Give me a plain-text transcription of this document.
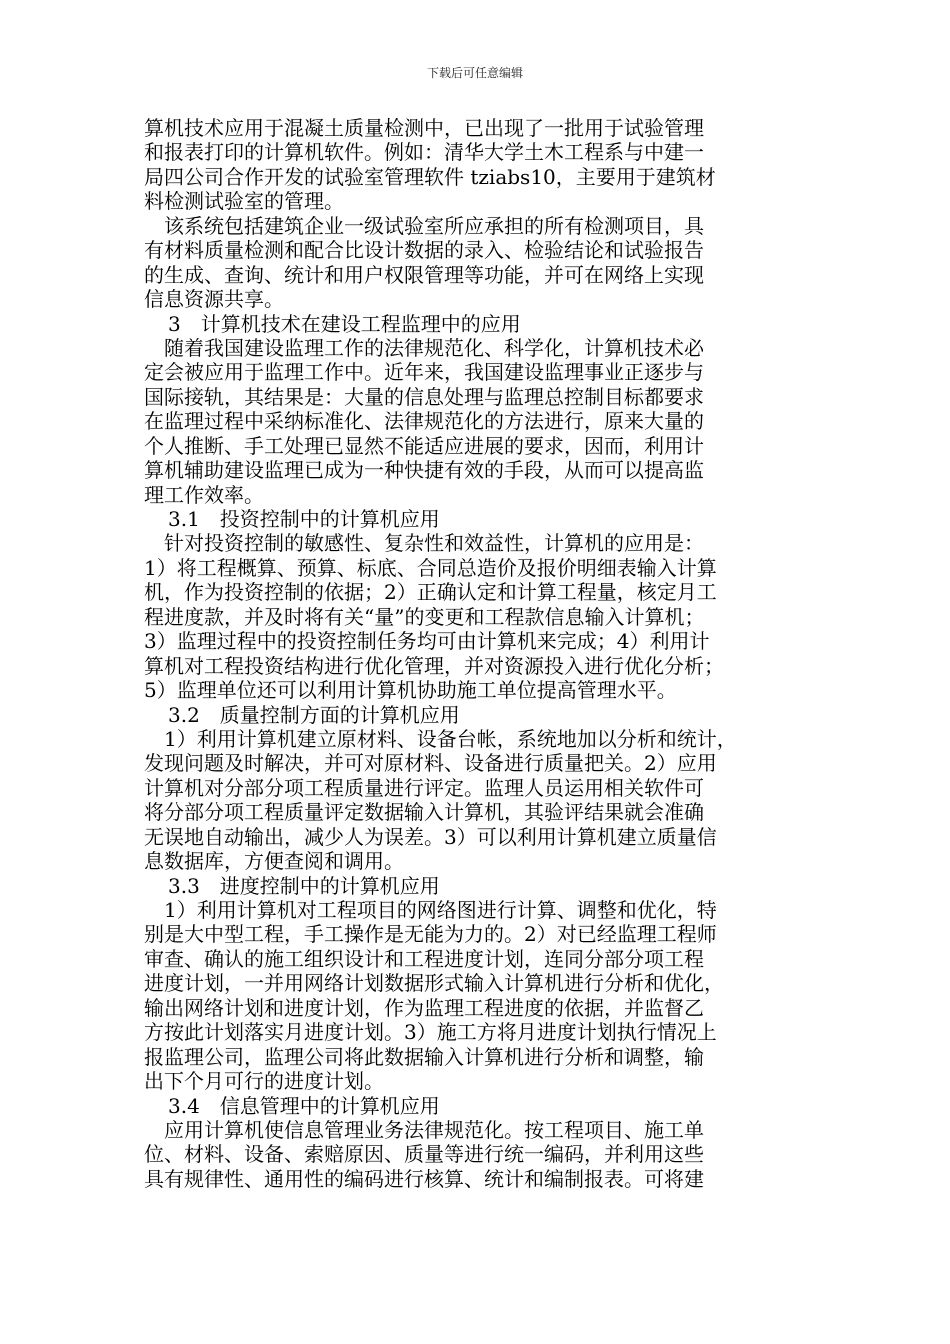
下载后可任意编辑
算机技术应用于混凝土质量检测中，已出现了一批用于试验管理
和报表打印的计算机软件。例如：清华大学土木工程系与中建一
局四公司合作开发的试验室管理软件 tziabs10，主要用于建筑材
料检测试验室的管理。
该系统包括建筑企业一级试验室所应承担的所有检测项目，具
有材料质量检测和配合比设计数据的录入、检验结论和试验报告
的生成、查询、统计和用户权限管理等功能，并可在网络上实现
信息资源共享。
3　计算机技术在建设工程监理中的应用
随着我国建设监理工作的法律规范化、科学化，计算机技术必
定会被应用于监理工作中。近年来，我国建设监理事业正逐步与
国际接轨，其结果是：大量的信息处理与监理总控制目标都要求
在监理过程中采纳标准化、法律规范化的方法进行，原来大量的
个人推断、手工处理已显然不能适应进展的要求，因而，利用计
算机辅助建设监理已成为一种快捷有效的手段，从而可以提高监
理工作效率。
3.1　投资控制中的计算机应用
针对投资控制的敏感性、复杂性和效益性，计算机的应用是：
1）将工程概算、预算、标底、合同总造价及报价明细表输入计算
机，作为投资控制的依据；2）正确认定和计算工程量，核定月工
程进度款，并及时将有关“量”的变更和工程款信息输入计算机；
3）监理过程中的投资控制任务均可由计算机来完成；4）利用计
算机对工程投资结构进行优化管理，并对资源投入进行优化分析；
5）监理单位还可以利用计算机协助施工单位提高管理水平。
3.2　质量控制方面的计算机应用
1）利用计算机建立原材料、设备台帐，系统地加以分析和统计，
发现问题及时解决，并可对原材料、设备进行质量把关。2）应用
计算机对分部分项工程质量进行评定。监理人员运用相关软件可
将分部分项工程质量评定数据输入计算机，其验评结果就会准确
无误地自动输出，减少人为误差。3）可以利用计算机建立质量信
息数据库，方便查阅和调用。
3.3　进度控制中的计算机应用
1）利用计算机对工程项目的网络图进行计算、调整和优化，特
别是大中型工程，手工操作是无能为力的。2）对已经监理工程师
审查、确认的施工组织设计和工程进度计划，连同分部分项工程
进度计划，一并用网络计划数据形式输入计算机进行分析和优化，
输出网络计划和进度计划，作为监理工程进度的依据，并监督乙
方按此计划落实月进度计划。3）施工方将月进度计划执行情况上
报监理公司，监理公司将此数据输入计算机进行分析和调整，输
出下个月可行的进度计划。
3.4　信息管理中的计算机应用
应用计算机使信息管理业务法律规范化。按工程项目、施工单
位、材料、设备、索赔原因、质量等进行统一编码，并利用这些
具有规律性、通用性的编码进行核算、统计和编制报表。可将建
